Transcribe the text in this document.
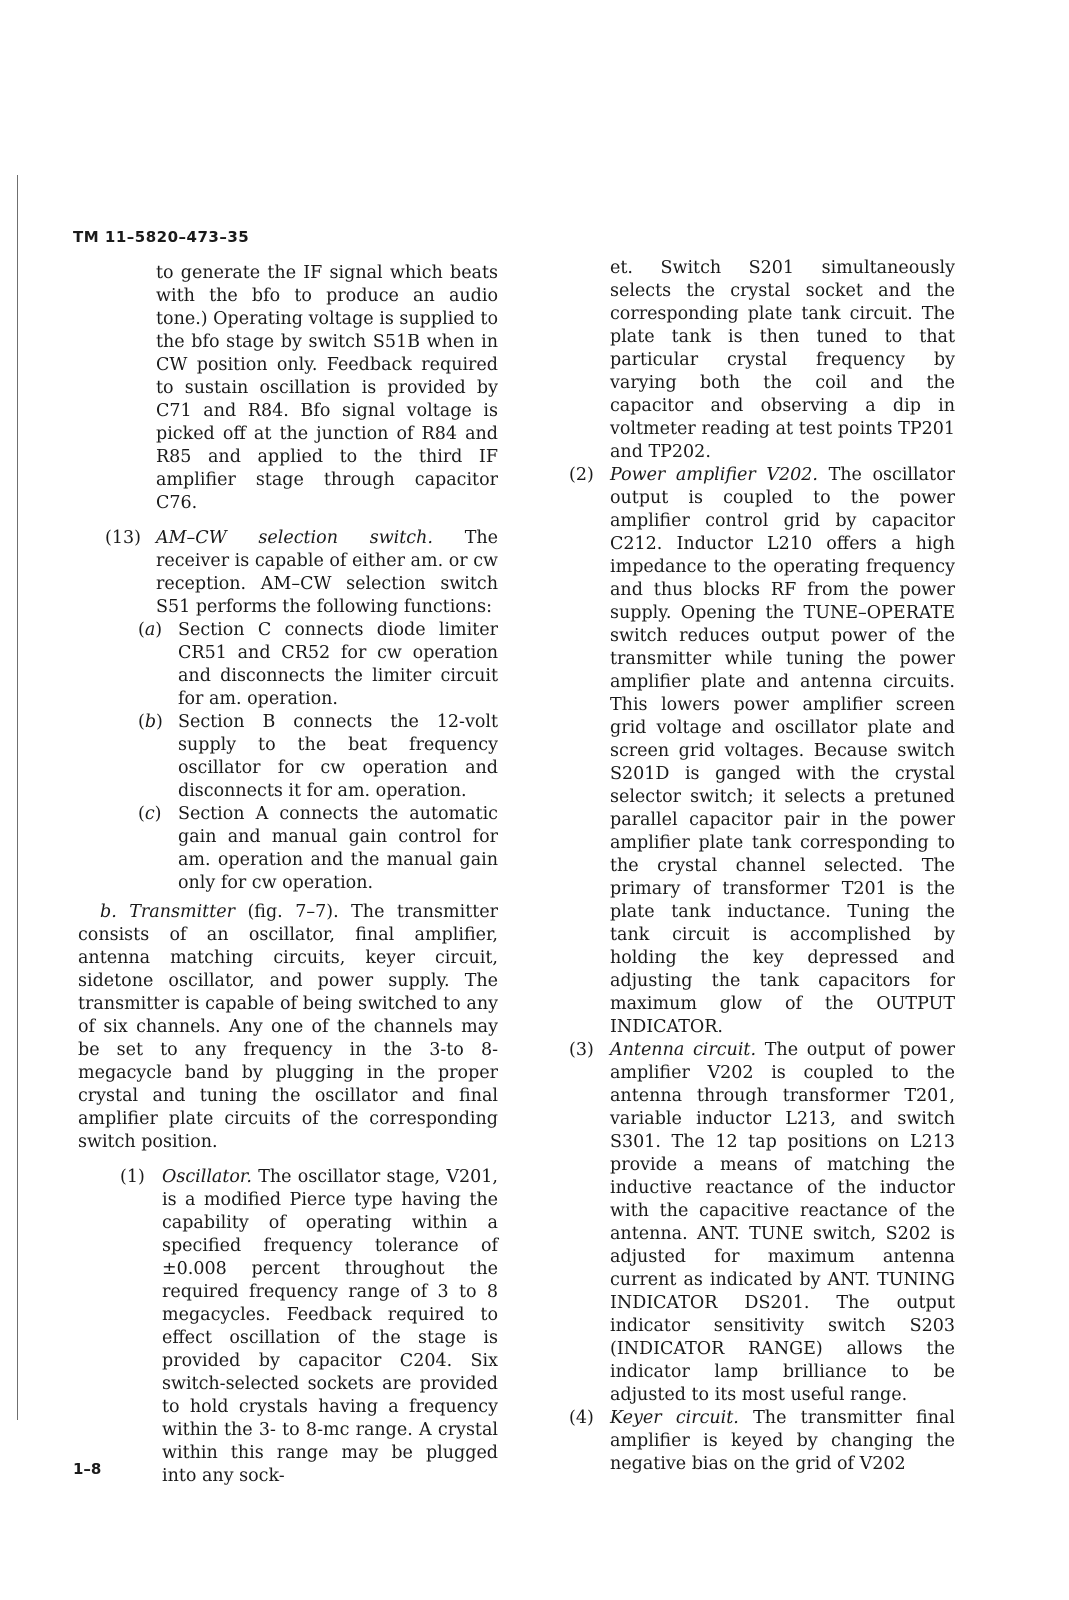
TM 11–5820–473–35

to generate the IF signal which beats with the bfo to produce an audio tone.) Operating voltage is supplied to the bfo stage by switch S51B when in CW position only. Feedback required to sustain oscillation is provided by C71 and R84. Bfo signal voltage is picked off at the junction of R84 and R85 and applied to the third IF amplifier stage through capacitor C76.

(13) AM–CW selection switch. The receiver is capable of either am. or cw reception. AM–CW selection switch S51 performs the following functions:
(a) Section C connects diode limiter CR51 and CR52 for cw operation and disconnects the limiter circuit for am. operation.
(b) Section B connects the 12-volt supply to the beat frequency oscillator for cw operation and disconnects it for am. operation.
(c) Section A connects the automatic gain and manual gain control for am. operation and the manual gain only for cw operation.

b. Transmitter (fig. 7–7). The transmitter consists of an oscillator, final amplifier, antenna matching circuits, keyer circuit, sidetone oscillator, and power supply. The transmitter is capable of being switched to any of six channels. Any one of the channels may be set to any frequency in the 3-to 8-megacycle band by plugging in the proper crystal and tuning the oscillator and final amplifier plate circuits of the corresponding switch position.

(1) Oscillator. The oscillator stage, V201, is a modified Pierce type having the capability of operating within a specified frequency tolerance of ±0.008 percent throughout the required frequency range of 3 to 8 megacycles. Feedback required to effect oscillation of the stage is provided by capacitor C204. Six switch-selected sockets are provided to hold crystals having a frequency within the 3- to 8-mc range. A crystal within this range may be plugged into any sock-

et. Switch S201 simultaneously selects the crystal socket and the corresponding plate tank circuit. The plate tank is then tuned to that particular crystal frequency by varying both the coil and the capacitor and observing a dip in voltmeter reading at test points TP201 and TP202.

(2) Power amplifier V202. The oscillator output is coupled to the power amplifier control grid by capacitor C212. Inductor L210 offers a high impedance to the operating frequency and thus blocks RF from the power supply. Opening the TUNE–OPERATE switch reduces output power of the transmitter while tuning the power amplifier plate and antenna circuits. This lowers power amplifier screen grid voltage and oscillator plate and screen grid voltages. Because switch S201D is ganged with the crystal selector switch; it selects a pretuned parallel capacitor pair in the power amplifier plate tank corresponding to the crystal channel selected. The primary of transformer T201 is the plate tank inductance. Tuning the tank circuit is accomplished by holding the key depressed and adjusting the tank capacitors for maximum glow of the OUTPUT INDICATOR.
(3) Antenna circuit. The output of power amplifier V202 is coupled to the antenna through transformer T201, variable inductor L213, and switch S301. The 12 tap positions on L213 provide a means of matching the inductive reactance of the inductor with the capacitive reactance of the antenna. ANT. TUNE switch, S202 is adjusted for maximum antenna current as indicated by ANT. TUNING INDICATOR DS201. The output indicator sensitivity switch S203 (INDICATOR RANGE) allows the indicator lamp brilliance to be adjusted to its most useful range.
(4) Keyer circuit. The transmitter final amplifier is keyed by changing the negative bias on the grid of V202
1–8
